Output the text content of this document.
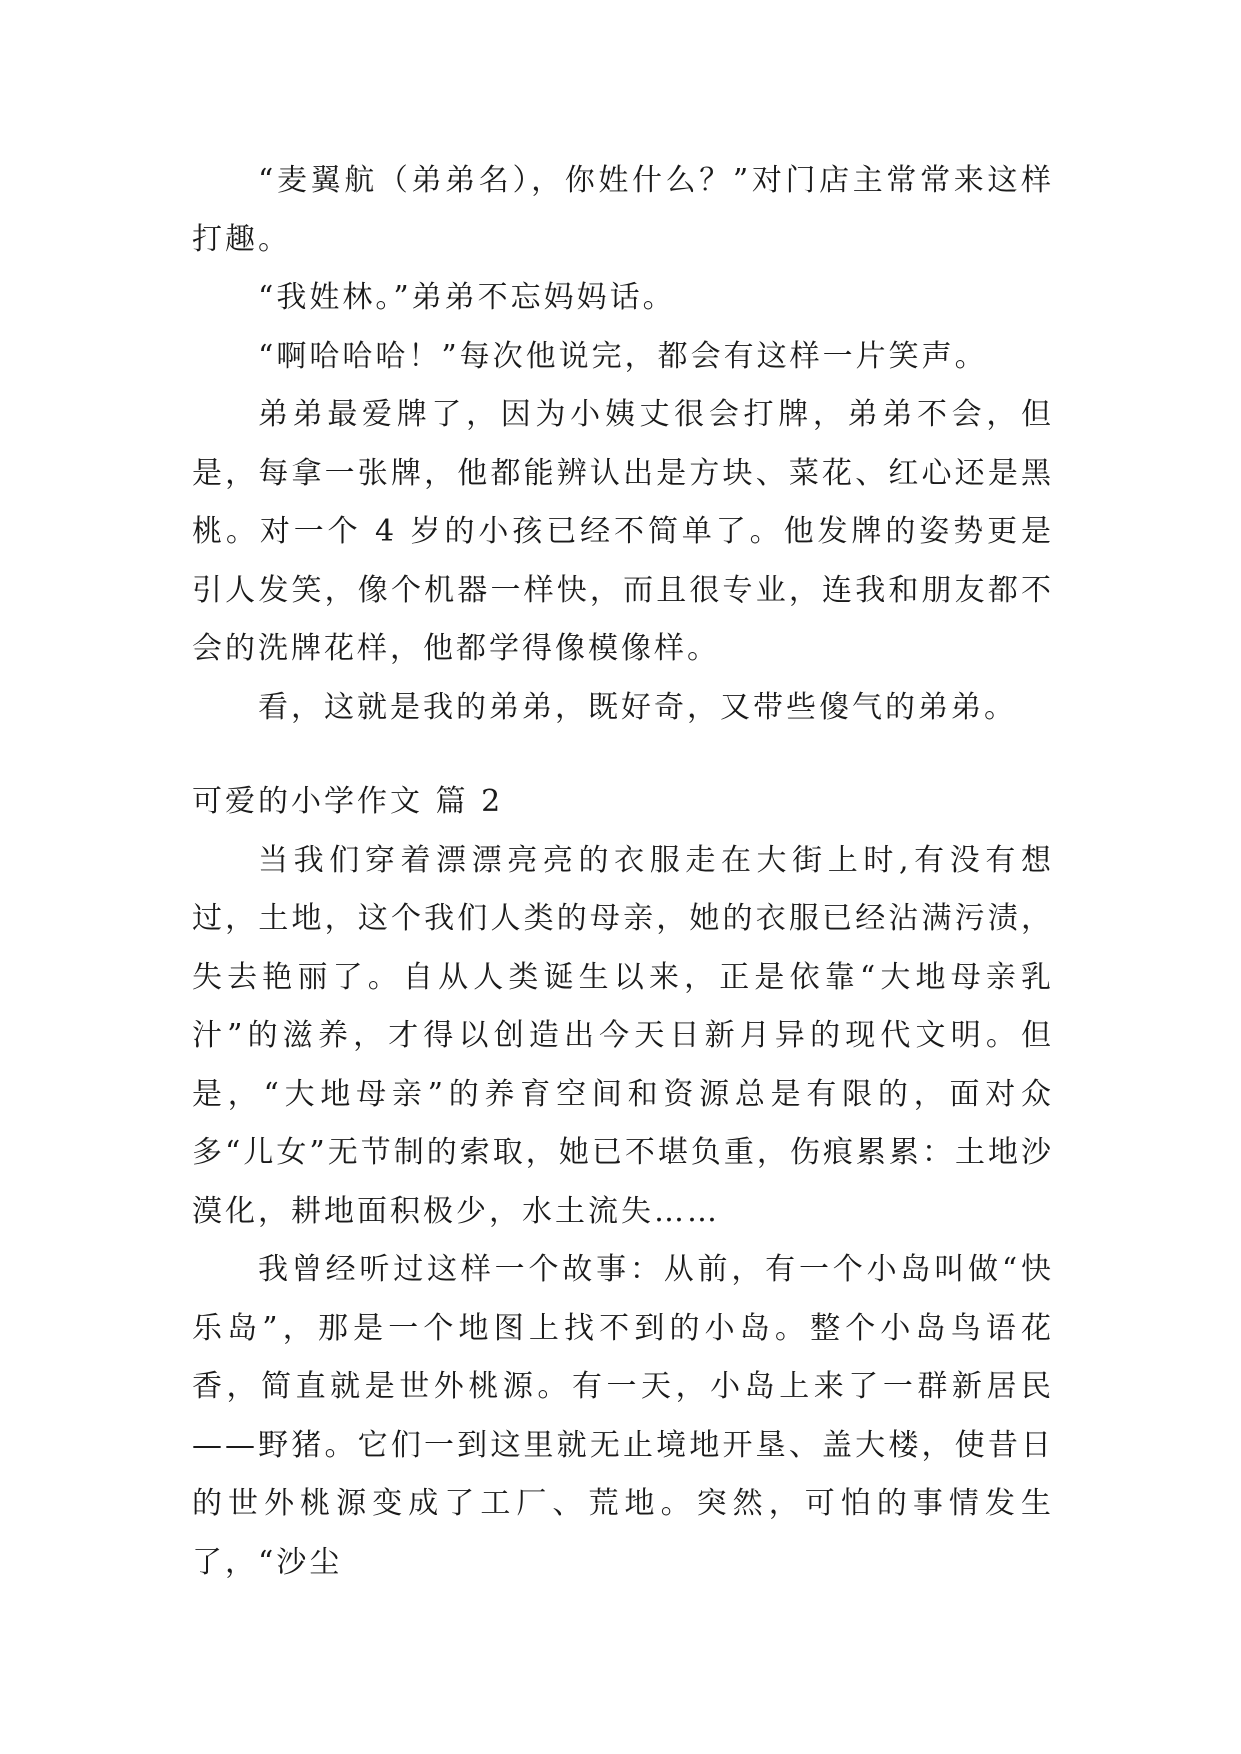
“麦翼航（弟弟名），你姓什么？”对门店主常常来这样打趣。

“我姓林。”弟弟不忘妈妈话。

“啊哈哈哈！”每次他说完，都会有这样一片笑声。

弟弟最爱牌了，因为小姨丈很会打牌，弟弟不会，但是，每拿一张牌，他都能辨认出是方块、菜花、红心还是黑桃。对一个 4 岁的小孩已经不简单了。他发牌的姿势更是引人发笑，像个机器一样快，而且很专业，连我和朋友都不会的洗牌花样，他都学得像模像样。

看，这就是我的弟弟，既好奇，又带些傻气的弟弟。

可爱的小学作文 篇 2

当我们穿着漂漂亮亮的衣服走在大街上时,有没有想过，土地，这个我们人类的母亲，她的衣服已经沾满污渍，失去艳丽了。自从人类诞生以来，正是依靠“大地母亲乳汁”的滋养，才得以创造出今天日新月异的现代文明。但是，“大地母亲”的养育空间和资源总是有限的，面对众多“儿女”无节制的索取，她已不堪负重，伤痕累累：土地沙漠化，耕地面积极少，水土流失……

我曾经听过这样一个故事：从前，有一个小岛叫做“快乐岛”，那是一个地图上找不到的小岛。整个小岛鸟语花香，简直就是世外桃源。有一天，小岛上来了一群新居民——野猪。它们一到这里就无止境地开垦、盖大楼，使昔日的世外桃源变成了工厂、荒地。突然，可怕的事情发生了，“沙尘
